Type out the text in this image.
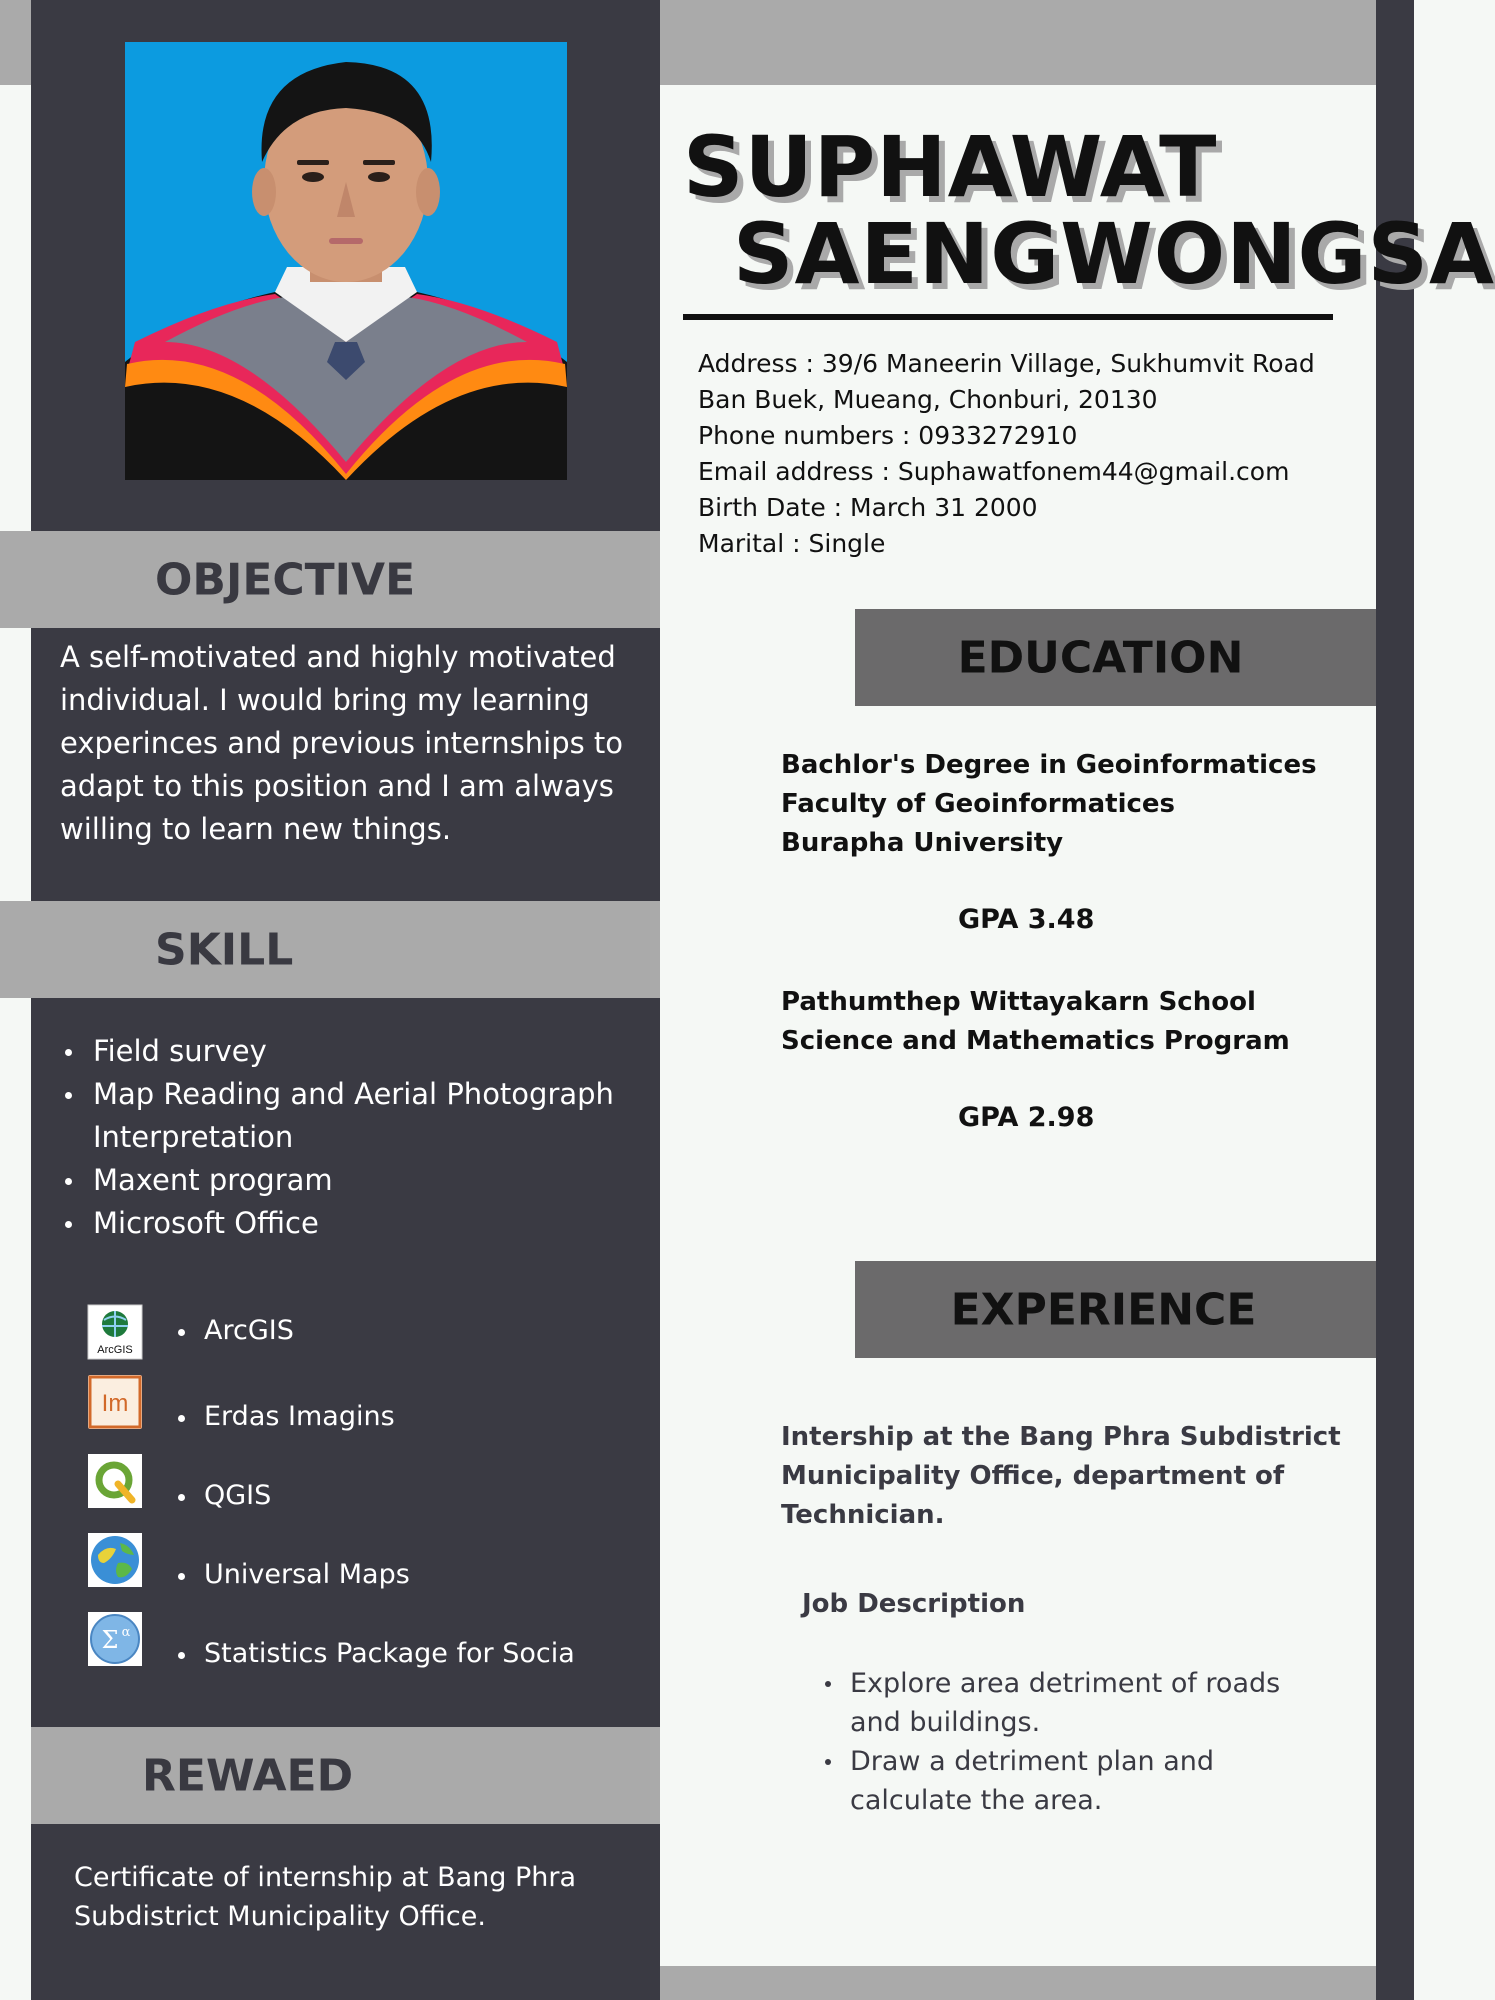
OBJECTIVE
A self-motivated and highly motivated
individual. I would bring my learning
experinces and previous internships to
adapt to this position and I am always
willing to learn new things.
SKILL
Field survey
Map Reading and Aerial Photograph
Interpretation
Maxent program
Microsoft Office
ArcGIS
ArcGIS
Im	Erdas Imagins
QGIS
Universal Maps
Σ α
Statistics Package for Socia
REWAED
Certificate of internship at Bang Phra
Subdistrict Municipality Office.
SUPHAWAT
SAENGWONGSA
Address : 39/6 Maneerin Village, Sukhumvit Road
Ban Buek, Mueang, Chonburi, 20130
Phone numbers : 0933272910
Email address : Suphawatfonem44@gmail.com
Birth Date : March 31 2000
Marital : Single
EDUCATION
Bachlor's Degree in Geoinformatices
Faculty of Geoinformatices
Burapha University
GPA 3.48
Pathumthep Wittayakarn School
Science and Mathematics Program
GPA 2.98
EXPERIENCE
Intership at the Bang Phra Subdistrict
Municipality Office, department of
Technician.
Job Description
Explore area detriment of roads
and buildings.
Draw a detriment plan and
calculate the area.
